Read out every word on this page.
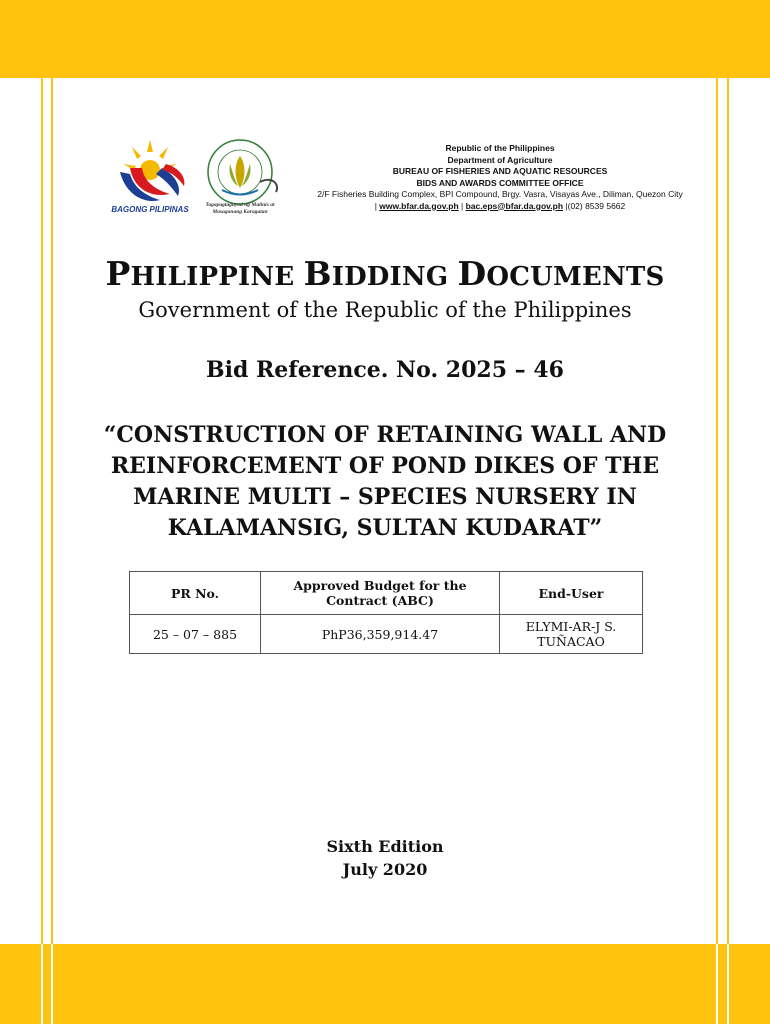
BAGONG PILIPINAS	Tagapagtaguyod ng Malinis at
Masaganang Karagatan
Republic of the Philippines
Department of Agriculture
BUREAU OF FISHERIES AND AQUATIC RESOURCES
BIDS AND AWARDS COMMITTEE OFFICE
2/F Fisheries Building Complex, BPI Compound, Brgy. Vasra, Visayas Ave., Diliman, Quezon City
| www.bfar.da.gov.ph | bac.eps@bfar.da.gov.ph |(02) 8539 5662
PHILIPPINE BIDDING DOCUMENTS
Government of the Republic of the Philippines
Bid Reference. No. 2025 – 46
“CONSTRUCTION OF RETAINING WALL AND
REINFORCEMENT OF POND DIKES OF THE
MARINE MULTI – SPECIES NURSERY IN
KALAMANSIG, SULTAN KUDARAT”
PR No.	Approved Budget for the Contract (ABC)	End-User
25 – 07 – 885	PhP36,359,914.47	ELYMI-AR-J S. TUÑACAO
Sixth Edition
July 2020
